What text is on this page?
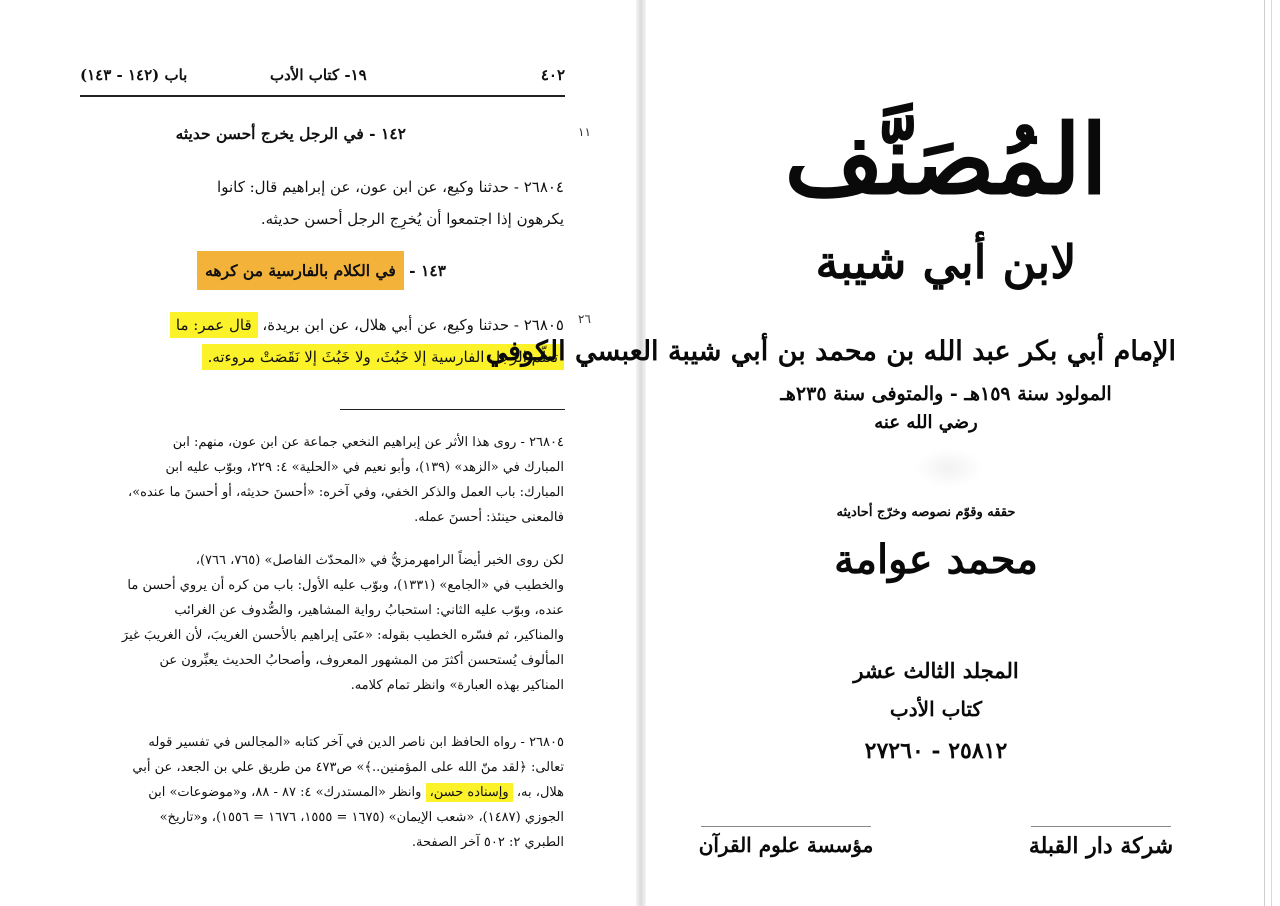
٤٠٢
١٩- كتاب الأدب
باب (١٤٢ - ١٤٣)
١١
٢٦
١٤٢ - في الرجل يخرج أحسن حديثه
٢٦٨٠٤ - حدثنا وكيع، عن ابن عون، عن إبراهيم قال: كانوا
يكرهون إذا اجتمعوا أن يُخرِج الرجل أحسن حديثه.
١٤٣ - في الكلام بالفارسية من كرهه
٢٦٨٠٥ - حدثنا وكيع، عن أبي هلال، عن ابن بريدة، قال عمر: ما
تعلّم الرجل الفارسية إلا خَبُثَ، ولا خَبُثَ إلا نَقَصَتْ مروءته.
٢٦٨٠٤ - روى هذا الأثر عن إبراهيم النخعي جماعة عن ابن عون، منهم: ابن
المبارك في «الزهد» (١٣٩)، وأبو نعيم في «الحلية» ٤: ٢٢٩، وبوّب عليه ابن
المبارك: باب العمل والذكر الخفي، وفي آخره: «أحسنَ حديثه، أو أحسنَ ما عنده»،
فالمعنى حينئذ: أحسنَ عمله.
لكن روى الخبر أيضاً الرامهرمزيُّ في «المحدّث الفاصل» (٧٦٥، ٧٦٦)،
والخطيب في «الجامع» (١٣٣١)، وبوّب عليه الأول: باب من كره أن يروي أحسن ما
عنده، وبوّب عليه الثاني: استحبابُ رواية المشاهير، والصُّدوف عن الغرائب
والمناكير، ثم فسّره الخطيب بقوله: «عنَى إبراهيم بالأحسن الغريبَ، لأن الغريبَ غيرَ
المألوف يُستحسن أكثرَ من المشهور المعروف، وأصحابُ الحديث يعبِّرون عن
المناكير بهذه العبارة» وانظر تمام كلامه.
٢٦٨٠٥ - رواه الحافظ ابن ناصر الدين في آخر كتابه «المجالس في تفسير قوله
تعالى: ﴿لقد منّ الله على المؤمنين..﴾» ص٤٧٣ من طريق علي بن الجعد، عن أبي
هلال، به، وإسناده حسن، وانظر «المستدرك» ٤: ٨٧ - ٨٨، و«موضوعات» ابن
الجوزي (١٤٨٧)، «شعب الإيمان» (١٦٧٥ = ١٥٥٥، ١٦٧٦ = ١٥٥٦)، و«تاريخ»
الطبري ٢: ٥٠٢ آخر الصفحة.
المُصَنَّف
لابن أبي شيبة
الإمام أبي بكر عبد الله بن محمد بن أبي شيبة العبسي الكوفي
المولود سنة ١٥٩هـ - والمتوفى سنة ٢٣٥هـ
رضي الله عنه
حققه وقوّم نصوصه وخرّج أحاديثه
محمد عوامة
المجلد الثالث عشر
كتاب الأدب
٢٥٨١٢ - ٢٧٢٦٠
شركة دار القبلة
مؤسسة علوم القرآن
